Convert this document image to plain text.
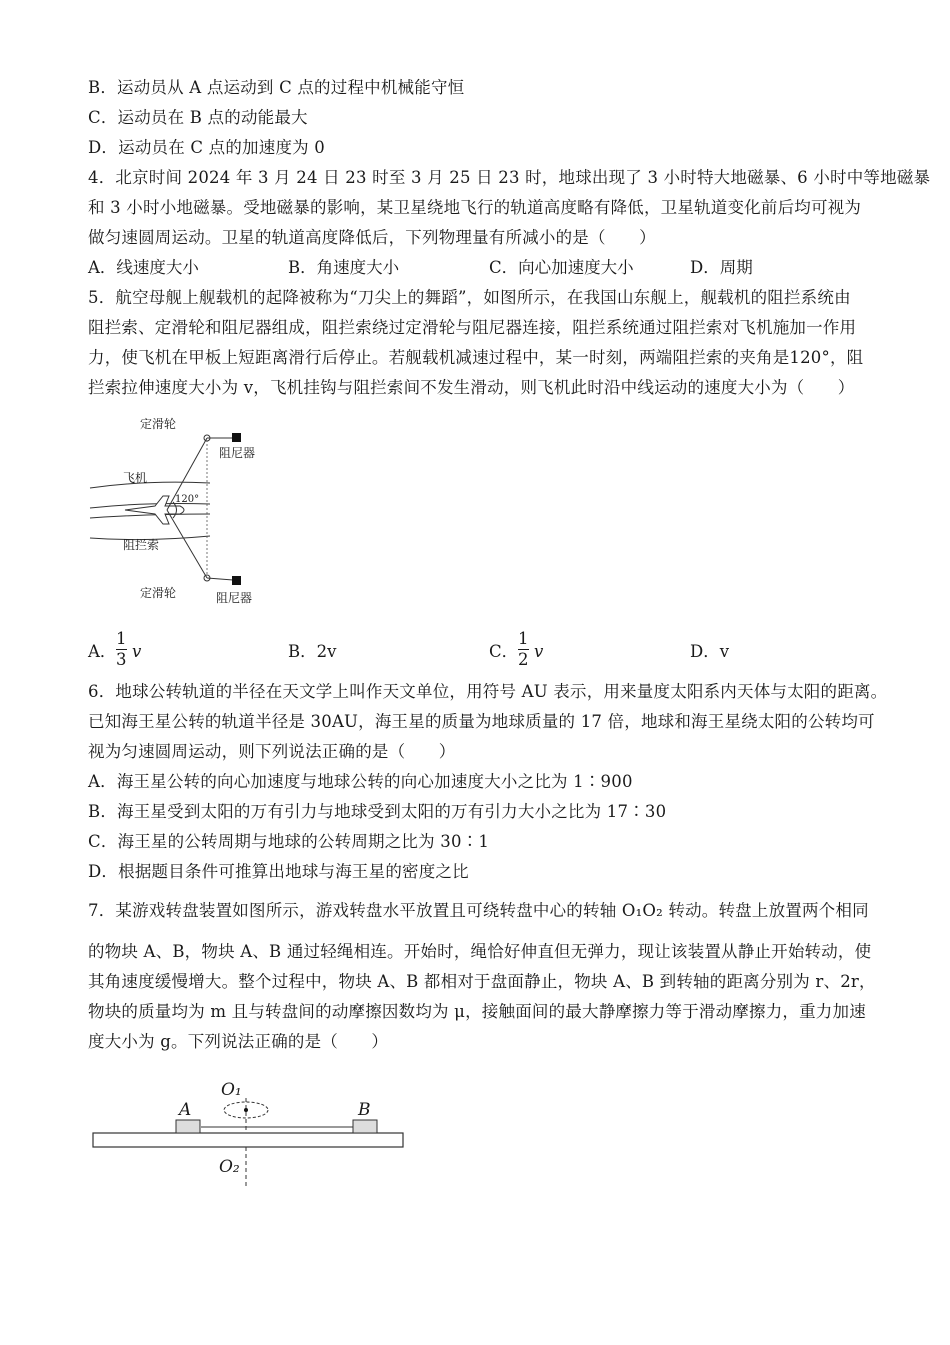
B．运动员从 A 点运动到 C 点的过程中机械能守恒
C．运动员在 B 点的动能最大
D．运动员在 C 点的加速度为 0
4．北京时间 2024 年 3 月 24 日 23 时至 3 月 25 日 23 时，地球出现了 3 小时特大地磁暴、6 小时中等地磁暴
和 3 小时小地磁暴。受地磁暴的影响，某卫星绕地飞行的轨道高度略有降低，卫星轨道变化前后均可视为
做匀速圆周运动。卫星的轨道高度降低后，下列物理量有所减小的是（　　）
A．线速度大小	B．角速度大小	C．向心加速度大小	D．周期
5．航空母舰上舰载机的起降被称为“刀尖上的舞蹈”，如图所示，在我国山东舰上，舰载机的阻拦系统由
阻拦索、定滑轮和阻尼器组成，阻拦索绕过定滑轮与阻尼器连接，阻拦系统通过阻拦索对飞机施加一作用
力，使飞机在甲板上短距离滑行后停止。若舰载机减速过程中，某一时刻，两端阻拦索的夹角是120°，阻
拦索拉伸速度大小为 v，飞机挂钩与阻拦索间不发生滑动，则飞机此时沿中线运动的速度大小为（　　）
定滑轮
阻尼器
飞机
120°
阻拦索
定滑轮	阻尼器
A．
1
3 v	B．2v	C．
1
2 v	D．v
6．地球公转轨道的半径在天文学上叫作天文单位，用符号 AU 表示，用来量度太阳系内天体与太阳的距离。
已知海王星公转的轨道半径是 30AU，海王星的质量为地球质量的 17 倍，地球和海王星绕太阳的公转均可
视为匀速圆周运动，则下列说法正确的是（　　）
A．海王星公转的向心加速度与地球公转的向心加速度大小之比为 1∶900
B．海王星受到太阳的万有引力与地球受到太阳的万有引力大小之比为 17∶30
C．海王星的公转周期与地球的公转周期之比为 30∶1
D．根据题目条件可推算出地球与海王星的密度之比
7．某游戏转盘装置如图所示，游戏转盘水平放置且可绕转盘中心的转轴 O₁O₂ 转动。转盘上放置两个相同
的物块 A、B，物块 A、B 通过轻绳相连。开始时，绳恰好伸直但无弹力，现让该装置从静止开始转动，使
其角速度缓慢增大。整个过程中，物块 A、B 都相对于盘面静止，物块 A、B 到转轴的距离分别为 r、2r，
物块的质量均为 m 且与转盘间的动摩擦因数均为 μ，接触面间的最大静摩擦力等于滑动摩擦力，重力加速
度大小为 g。下列说法正确的是（　　）
O₁
O₂
A	B
